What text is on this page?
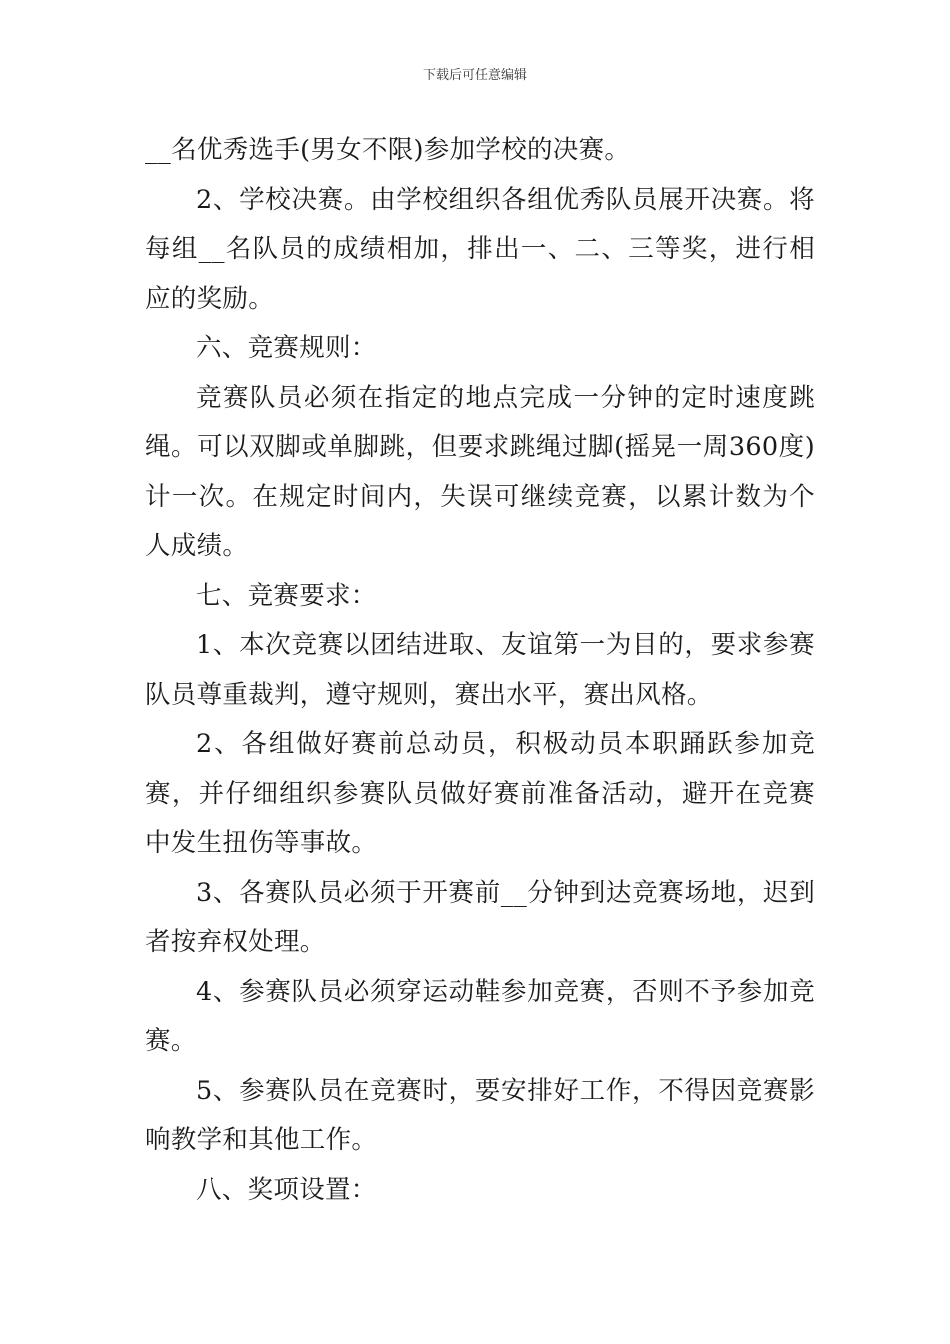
下载后可任意编辑

__名优秀选手(男女不限)参加学校的决赛。

2、学校决赛。由学校组织各组优秀队员展开决赛。将每组__名队员的成绩相加，排出一、二、三等奖，进行相应的奖励。

六、竞赛规则：

竞赛队员必须在指定的地点完成一分钟的定时速度跳绳。可以双脚或单脚跳，但要求跳绳过脚(摇晃一周360度)计一次。在规定时间内，失误可继续竞赛，以累计数为个人成绩。

七、竞赛要求：

1、本次竞赛以团结进取、友谊第一为目的，要求参赛队员尊重裁判，遵守规则，赛出水平，赛出风格。

2、各组做好赛前总动员，积极动员本职踊跃参加竞赛，并仔细组织参赛队员做好赛前准备活动，避开在竞赛中发生扭伤等事故。

3、各赛队员必须于开赛前__分钟到达竞赛场地，迟到者按弃权处理。

4、参赛队员必须穿运动鞋参加竞赛，否则不予参加竞赛。

5、参赛队员在竞赛时，要安排好工作，不得因竞赛影响教学和其他工作。

八、奖项设置：
